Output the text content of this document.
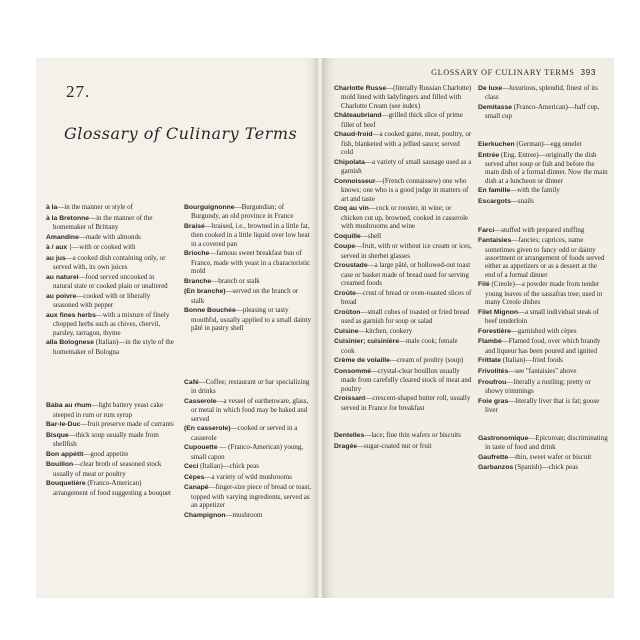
27.
Glossary of Culinary Terms
à la—in the manner or style of
à la Bretonne—in the manner of the homemaker of Brittany
Amandine—made with almonds
à / aux }—with or cooked with
au jus—a cooked dish containing only, or served with, its own juices
au naturel—food served uncooked in natural state or cooked plain or unaltered
au poivre—cooked with or liberally seasoned with pepper
aux fines herbs—with a mixture of finely chopped herbs such as chives, chervil, parsley, tarragon, thyme
alla Bolognese (Italian)—in the style of the homemaker of Bologna
Baba au rhum—light battery yeast cake steeped in rum or rum syrup
Bar-le-Duc—fruit preserve made of currants
Bisque—thick soup usually made from shellfish
Bon appétit—good appetite
Bouillon—clear broth of seasoned stock usually of meat or poultry
Bouquetière (Franco-American) arrangement of food suggesting a bouquet
Bourguignonne—Burgundian; of Burgundy, an old province in France
Braisé—braised, i.e., browned in a little fat, then cooked in a little liquid over low heat in a covered pan
Brioche—famous sweet breakfast bun of France, made with yeast in a characteristic mold
Branche—branch or stalk
(En branche)—served on the branch or stalk
Bonne Bouchée—pleasing or tasty mouthful, usually applied to a small dainty pâté in pastry shell
Café—Coffee; restaurant or bar specializing in drinks
Casserole—a vessel of earthenware, glass, or metal in which food may be baked and served
(En casserole)—cooked or served in a casserole
Cupouette — (Franco-American) young, small capon
Ceci (Italian)—chick peas
Cèpes—a variety of wild mushrooms
Canapé—finger-size piece of bread or toast, topped with varying ingredients, served as an appetizer
Champignon—mushroom
GLOSSARY OF CULINARY TERMS 393
Charlotte Russe—(literally Russian Charlotte) mold lined with ladyfingers and filled with Charlotte Cream (see index)
Châteaubriand—grilled thick slice of prime fillet of beef
Chaud-froid—a cooked game, meat, poultry, or fish, blanketed with a jellied sauce; served cold
Chipolata—a variety of small sausage used as a garnish
Connoisseur—(French connaissew) one who knows; one who is a good judge in matters of art and taste
Coq au vin—cock or rooster, in wine; or chicken cut up, browned, cooked in casserole with mushrooms and wine
Coquille—shell
Coupe—fruit, with or without ice cream or ices, served in sherbet glasses
Croustade—a large pâté, or hollowed-out toast case or basket made of bread used for serving creamed foods
Croûte—crust of bread or oven-toasted slices of bread
Croûton—small cubes of toasted or fried bread used as garnish for soup or salad
Cuisine—kitchen, cookery
Cuisinier; cuisinière—male cook; female cook
Crème de volaille—cream of poultry (soup)
Consommé—crystal-clear bouillon usually made from carefully cleared stock of meat and poultry
Croissant—crescent-shaped butter roll, usually served in France for breakfast
Dentelles—lace; fine thin wafers or biscuits
Dragée—sugar-coated nut or fruit
De luxe—luxurious, splendid, finest of its class
Demitasse (Franco-American)—half cup, small cup
Eierkuchen (German)—egg omelet
Entrée (Eng. Entree)—originally the dish served after soup or fish and before the main dish of a formal dinner. Now the main dish at a luncheon or dinner
En famille—with the family
Escargots—snails
Farci—stuffed with prepared stuffing
Fantaisies—fancies; caprices, name sometimes given to fancy odd or dainty assortment or arrangement of foods served either as appetizers or as a dessert at the end of a formal dinner
Filé (Creole)—a powder made from tender young leaves of the sassafras tree; used in many Creole dishes
Filet Mignon—a small individual steak of beef tenderloin
Forestière—garnished with cèpes
Flambé—Flamed food, over which brandy and liqueur has been poured and ignited
Frittate (Italian)—fried foods
Frivolités—see "fantaisies" above
Froufrou—literally a rustling; pretty or showy trimmings
Foie gras—literally liver that is fat; goose liver
Gastronomique—Epicurean; discriminating in taste of food and drink
Gaufrette—thin, sweet wafer or biscuit
Garbanzos (Spanish)—chick peas
